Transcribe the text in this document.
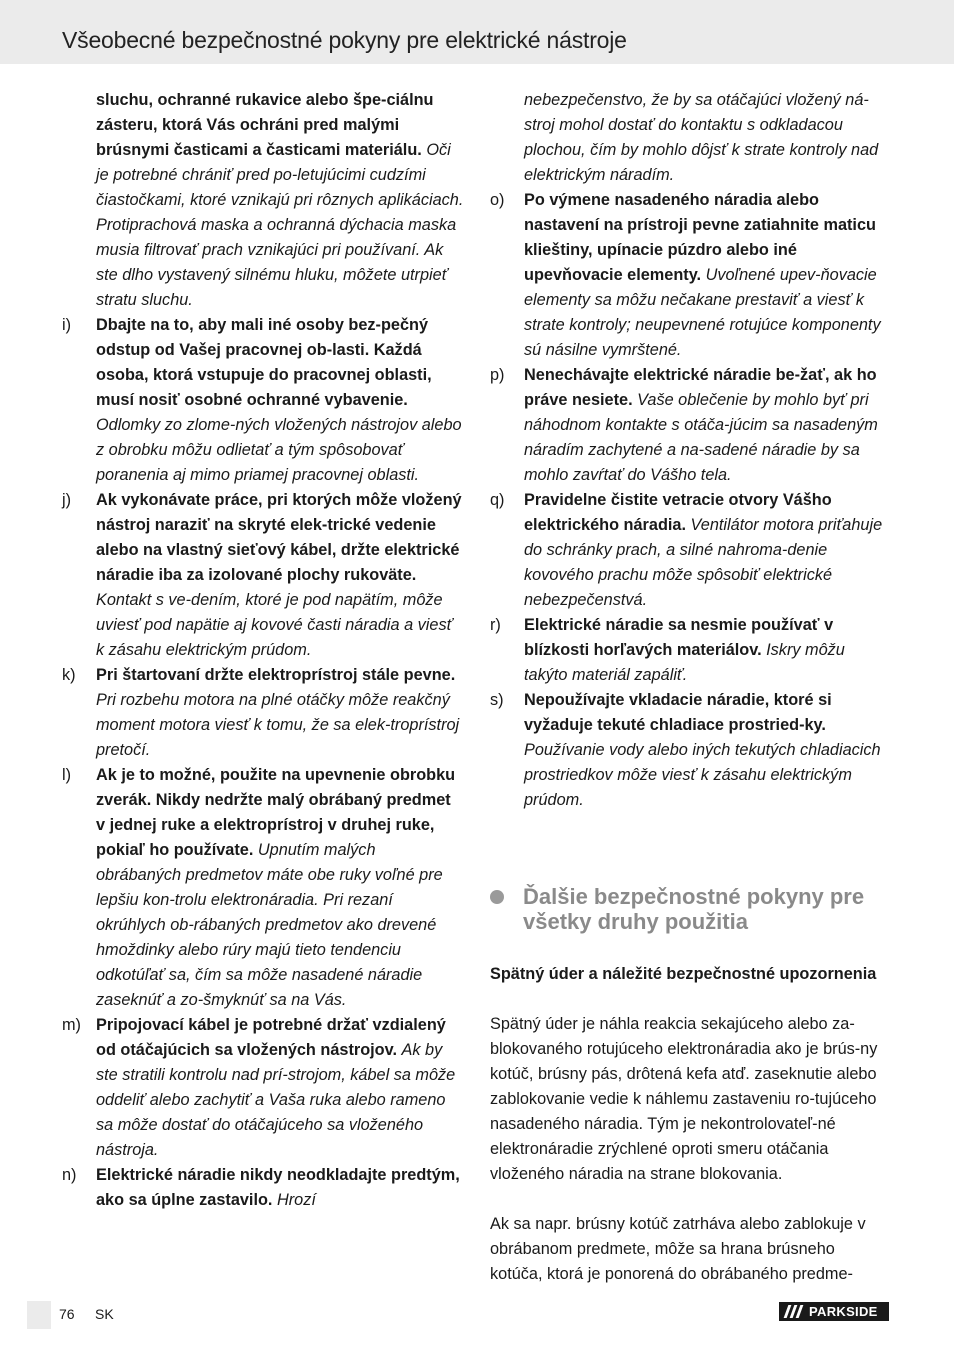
Všeobecné bezpečnostné pokyny pre elektrické nástroje
sluchu, ochranné rukavice alebo špe-ciálnu zásteru, ktorá Vás ochráni pred malými brúsnymi časticami a časticami materiálu. Oči je potrebné chrániť pred po-letujúcimi cudzími čiastočkami, ktoré vznikajú pri rôznych aplikáciach. Protiprachová maska a ochranná dýchacia maska musia filtrovať prach vznikajúci pri používaní. Ak ste dlho vystavený silnému hluku, môžete utrpieť stratu sluchu.
i) Dbajte na to, aby mali iné osoby bez-pečný odstup od Vašej pracovnej ob-lasti. Každá osoba, ktorá vstupuje do pracovnej oblasti, musí nosiť osobné ochranné vybavenie. Odlomky zo zlome-ných vložených nástrojov alebo z obrobku môžu odlietať a tým spôsobovať poranenia aj mimo priamej pracovnej oblasti.
j) Ak vykonávate práce, pri ktorých môže vložený nástroj naraziť na skryté elek-trické vedenie alebo na vlastný sieťový kábel, držte elektrické náradie iba za izolované plochy rukoväte. Kontakt s ve-dením, ktoré je pod napätím, môže uviesť pod napätie aj kovové časti náradia a viesť k zásahu elektrickým prúdom.
k) Pri štartovaní držte elektroprístroj stále pevne. Pri rozbehu motora na plné otáčky môže reakčný moment motora viesť k tomu, že sa elek-troprístroj pretočí.
l) Ak je to možné, použite na upevnenie obrobku zverák. Nikdy nedržte malý obrábaný predmet v jednej ruke a elektroprístroj v druhej ruke, pokiaľ ho používate. Upnutím malých obrábaných predmetov máte obe ruky voľné pre lepšiu kon-trolu elektronáradia. Pri rezaní okrúhlych ob-rábaných predmetov ako drevené hmoždinky alebo rúry majú tieto tendenciu odkotúľať sa, čím sa môže nasadené náradie zaseknúť a zo-šmyknúť sa na Vás.
m) Pripojovací kábel je potrebné držať vzdialený od otáčajúcich sa vložených nástrojov. Ak by ste stratili kontrolu nad prí-strojom, kábel sa môže oddeliť alebo zachytiť a Vaša ruka alebo rameno sa môže dostať do otáčajúceho sa vloženého nástroja.
n) Elektrické náradie nikdy neodkladajte predtým, ako sa úplne zastavilo. Hrozí
nebezpečenstvo, že by sa otáčajúci vložený ná-stroj mohol dostať do kontaktu s odkladacou plochou, čím by mohlo dôjsť k strate kontroly nad elektrickým náradím.
o) Po výmene nasadeného náradia alebo nastavení na prístroji pevne zatiahnite maticu klieštiny, upínacie púzdro alebo iné upevňovacie elementy. Uvoľnené upev-ňovacie elementy sa môžu nečakane prestaviť a viesť k strate kontroly; neupevnené rotujúce komponenty sú násilne vymrštené.
p) Nenechávajte elektrické náradie be-žať, ak ho práve nesiete. Vaše oblečenie by mohlo byť pri náhodnom kontakte s otáča-júcim sa nasadeným náradím zachytené a na-sadené náradie by sa mohlo zavŕtať do Vášho tela.
q) Pravidelne čistite vetracie otvory Vášho elektrického náradia. Ventilátor motora priťahuje do schránky prach, a silné nahroma-denie kovového prachu môže spôsobiť elektrické nebezpečenstvá.
r) Elektrické náradie sa nesmie používať v blízkosti horľavých materiálov. Iskry môžu takýto materiál zapáliť.
s) Nepoužívajte vkladacie náradie, ktoré si vyžaduje tekuté chladiace prostried-ky. Používanie vody alebo iných tekutých chladiacich prostriedkov môže viesť k zásahu elektrickým prúdom.
Ďalšie bezpečnostné pokyny pre všetky druhy použitia
Spätný úder a náležité bezpečnostné upozornenia
Spätný úder je náhla reakcia sekajúceho alebo za-blokovaného rotujúceho elektronáradia ako je brús-ny kotúč, brúsny pás, drôtená kefa atď. zaseknutie alebo zablokovanie vedie k náhlemu zastaveniu ro-tujúceho nasadeného náradia. Tým je nekontrolovateľ-né elektronáradie zrýchlené oproti smeru otáčania vloženého náradia na strane blokovania.
Ak sa napr. brúsny kotúč zatrháva alebo zablokuje v obrábanom predmete, môže sa hrana brúsneho kotúča, ktorá je ponorená do obrábaného predme-
76 SK	PARKSIDE
